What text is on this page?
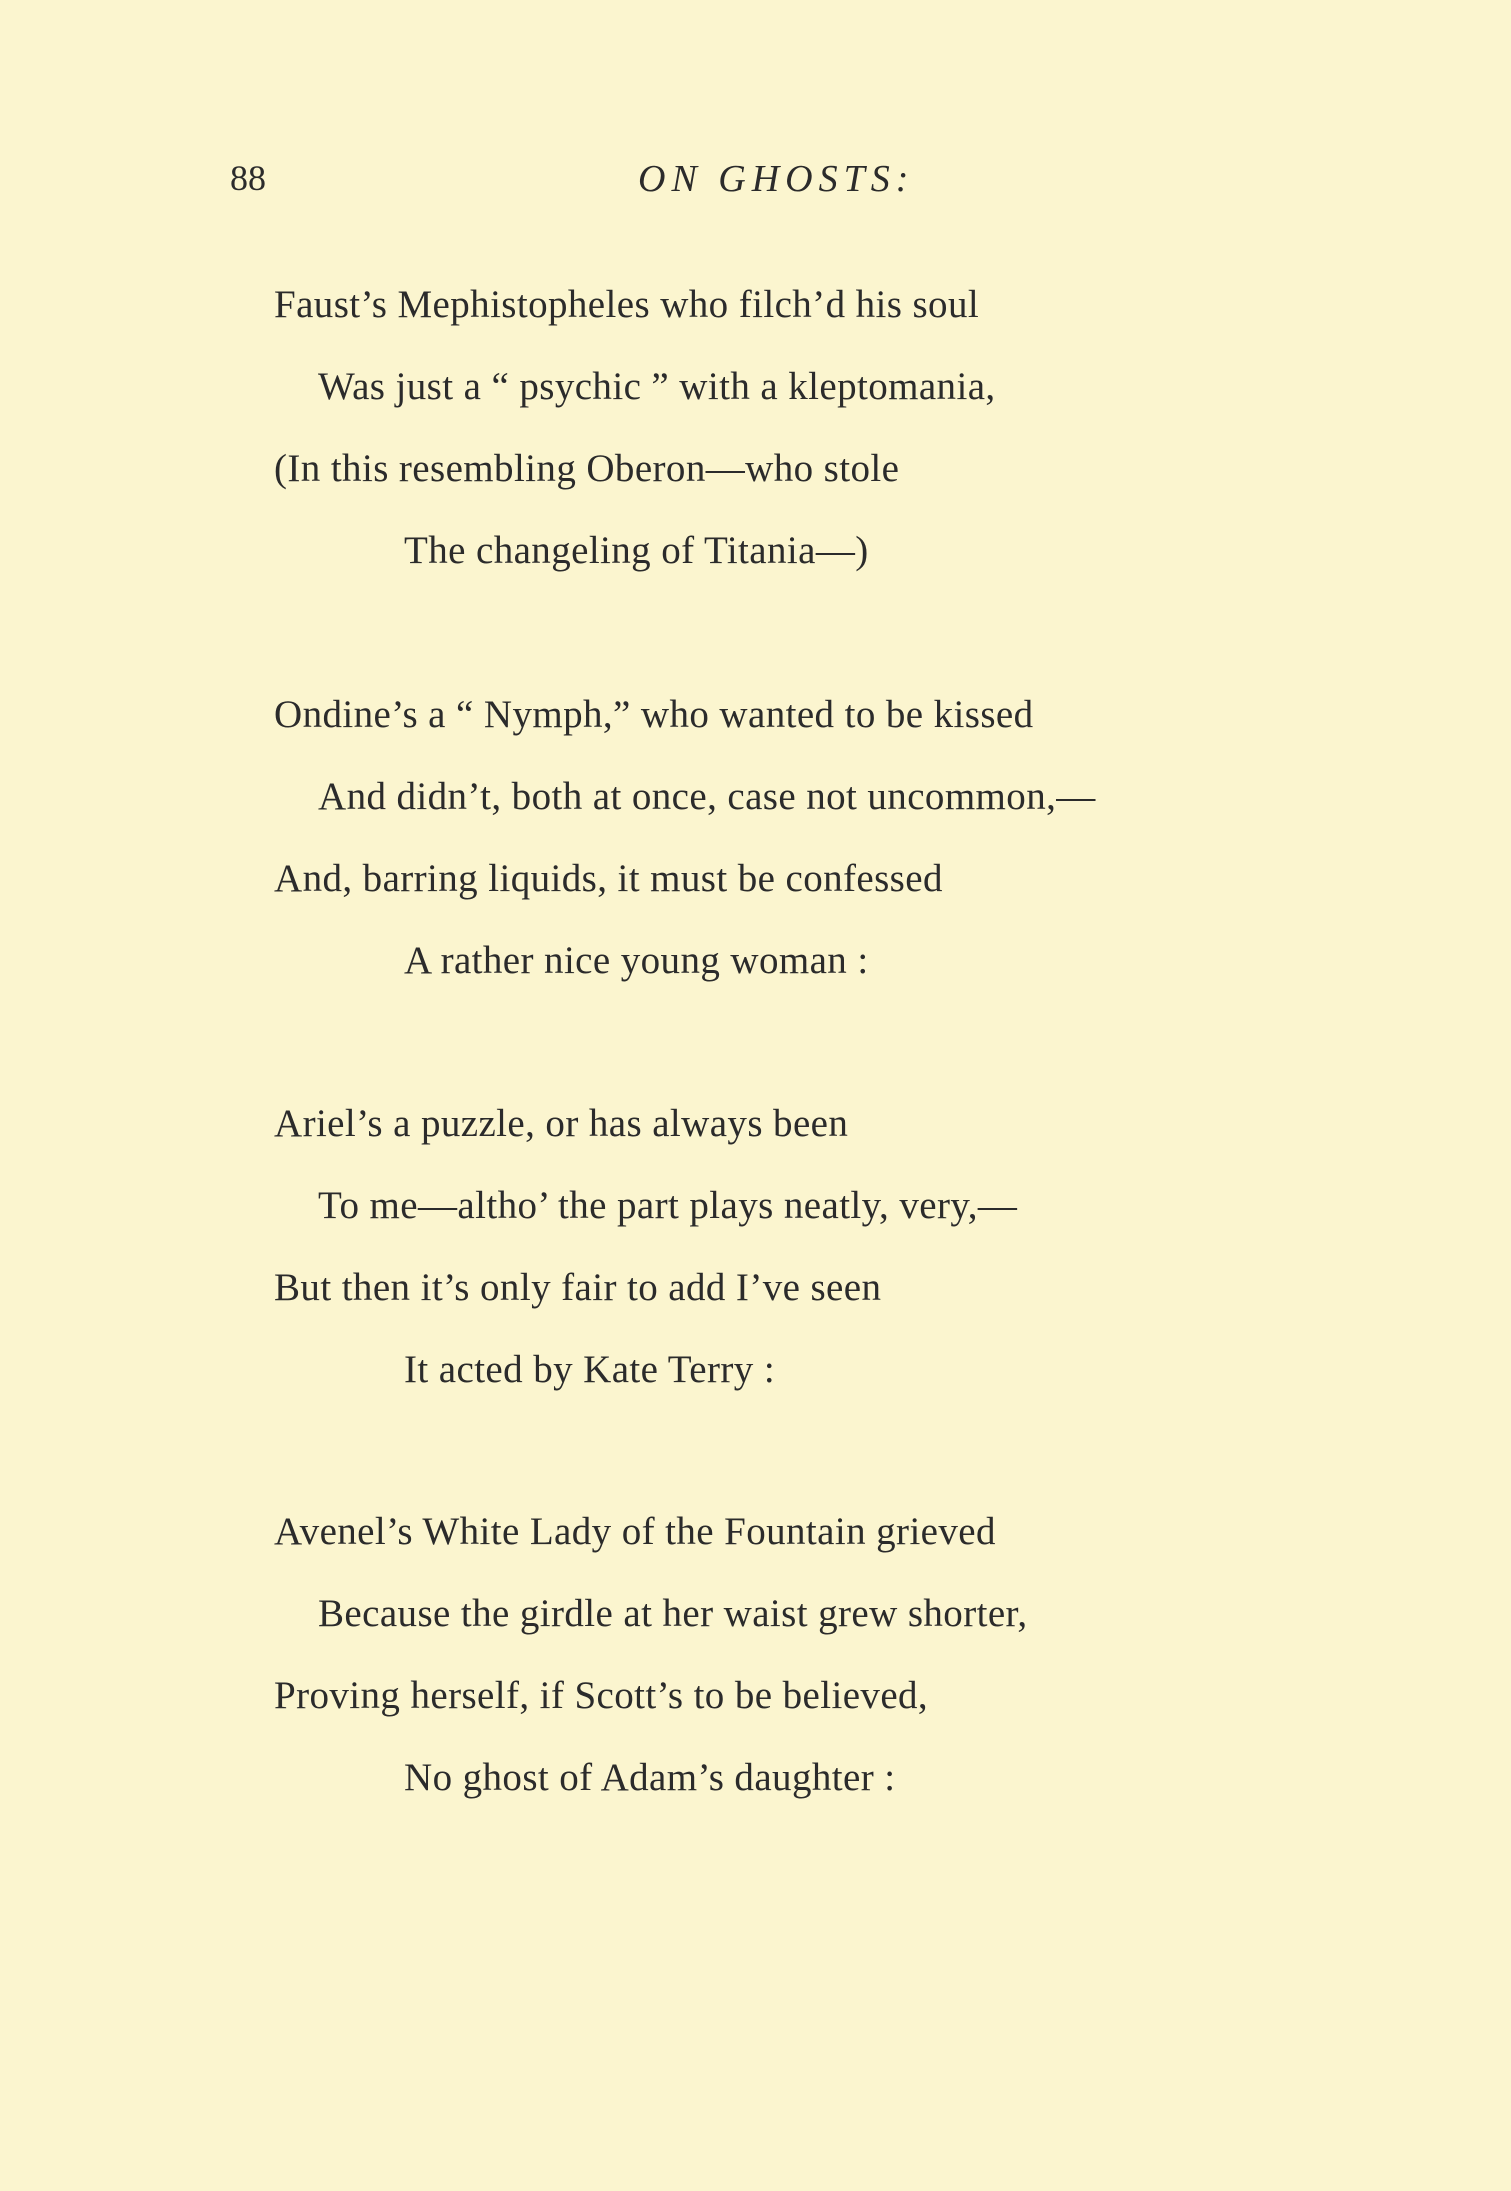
88	ON GHOSTS:
Faust’s Mephistopheles who filch’d his soul
Was just a “ psychic ” with a kleptomania,
(In this resembling Oberon—who stole
The changeling of Titania—)
Ondine’s a “ Nymph,” who wanted to be kissed
And didn’t, both at once, case not uncommon,—
And, barring liquids, it must be confessed
A rather nice young woman :
Ariel’s a puzzle, or has always been
To me—altho’ the part plays neatly, very,—
But then it’s only fair to add I’ve seen
It acted by Kate Terry :
Avenel’s White Lady of the Fountain grieved
Because the girdle at her waist grew shorter,
Proving herself, if Scott’s to be believed,
No ghost of Adam’s daughter :
